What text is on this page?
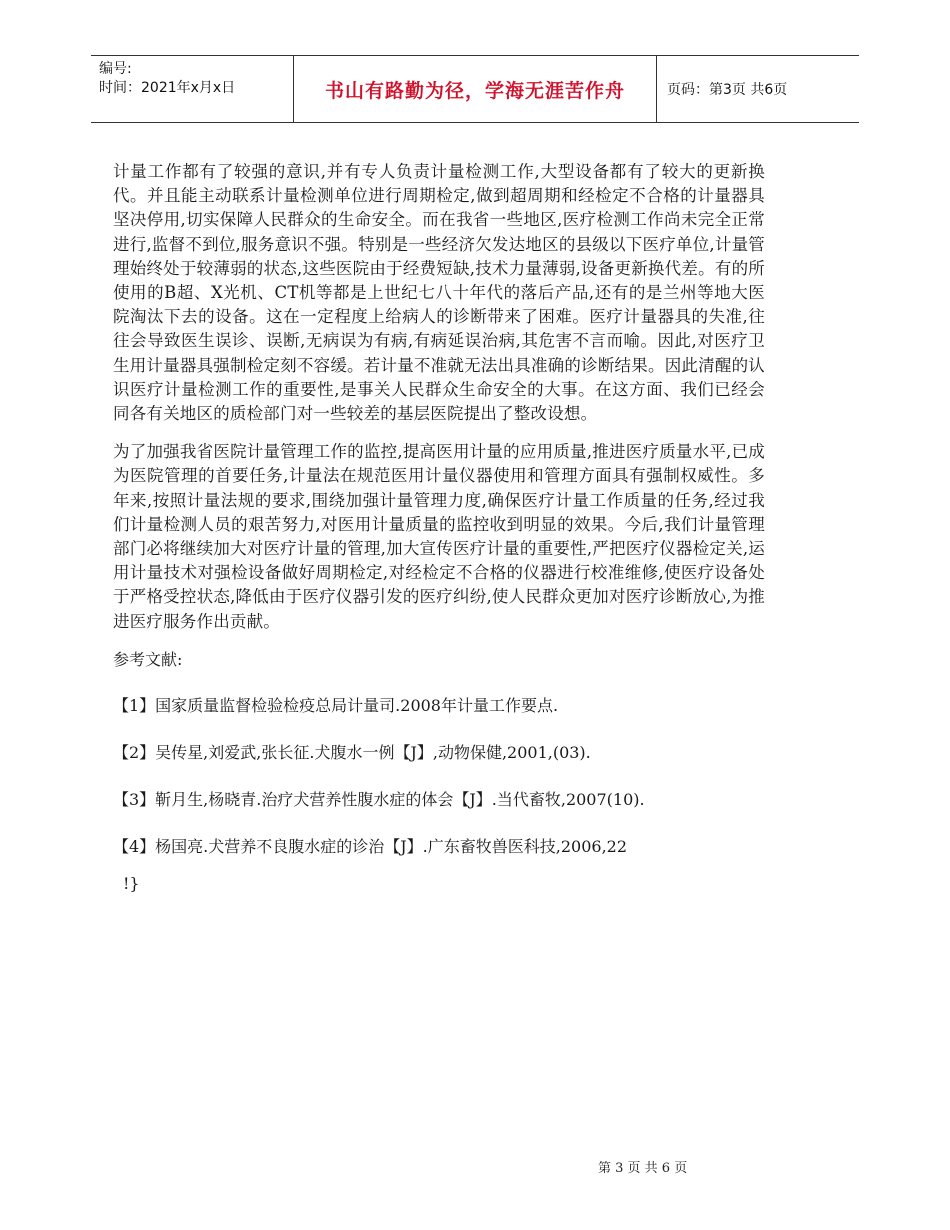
编号:
时间：2021年x月x日	书山有路勤为径，学海无涯苦作舟	页码：第3页 共6页

计量工作都有了较强的意识,并有专人负责计量检测工作,大型设备都有了较大的更新换代。并且能主动联系计量检测单位进行周期检定,做到超周期和经检定不合格的计量器具坚决停用,切实保障人民群众的生命安全。而在我省一些地区,医疗检测工作尚未完全正常进行,监督不到位,服务意识不强。特别是一些经济欠发达地区的县级以下医疗单位,计量管理始终处于较薄弱的状态,这些医院由于经费短缺,技术力量薄弱,设备更新换代差。有的所使用的B超、X光机、CT机等都是上世纪七八十年代的落后产品,还有的是兰州等地大医院淘汰下去的设备。这在一定程度上给病人的诊断带来了困难。医疗计量器具的失准,往往会导致医生误诊、误断,无病误为有病,有病延误治病,其危害不言而喻。因此,对医疗卫生用计量器具强制检定刻不容缓。若计量不准就无法出具准确的诊断结果。因此清醒的认识医疗计量检测工作的重要性,是事关人民群众生命安全的大事。在这方面、我们已经会同各有关地区的质检部门对一些较差的基层医院提出了整改设想。

为了加强我省医院计量管理工作的监控,提高医用计量的应用质量,推进医疗质量水平,已成为医院管理的首要任务,计量法在规范医用计量仪器使用和管理方面具有强制权威性。多年来,按照计量法规的要求,围绕加强计量管理力度,确保医疗计量工作质量的任务,经过我们计量检测人员的艰苦努力,对医用计量质量的监控收到明显的效果。今后,我们计量管理部门必将继续加大对医疗计量的管理,加大宣传医疗计量的重要性,严把医疗仪器检定关,运用计量技术对强检设备做好周期检定,对经检定不合格的仪器进行校准维修,使医疗设备处于严格受控状态,降低由于医疗仪器引发的医疗纠纷,使人民群众更加对医疗诊断放心,为推进医疗服务作出贡献。

参考文献:
【1】国家质量监督检验检疫总局计量司.2008年计量工作要点.
【2】吴传星,刘爱武,张长征.犬腹水一例【J】,动物保健,2001,(03).
【3】靳月生,杨晓青.治疗犬营养性腹水症的体会【J】.当代畜牧,2007(10).
【4】杨国亮.犬营养不良腹水症的诊治【J】.广东畜牧兽医科技,2006,22
!}
第 3 页 共 6 页
